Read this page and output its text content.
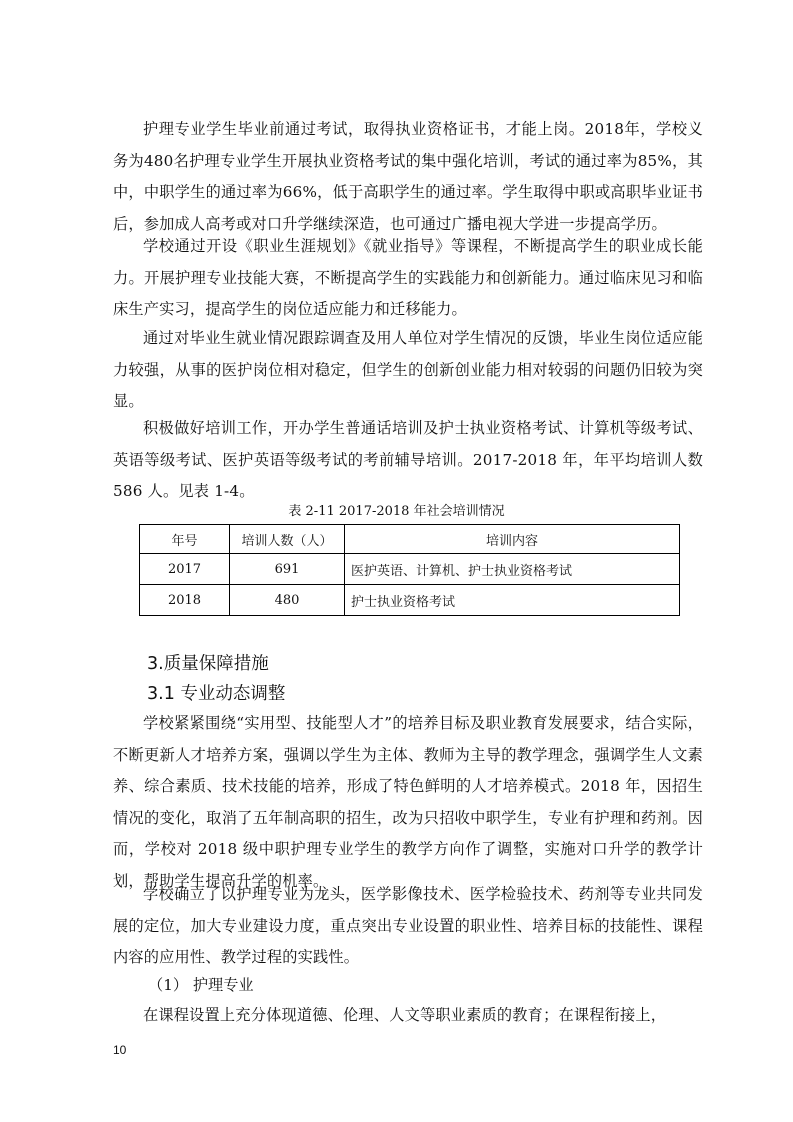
护理专业学生毕业前通过考试，取得执业资格证书，才能上岗。2018年，学校义务为480名护理专业学生开展执业资格考试的集中强化培训，考试的通过率为85%，其中，中职学生的通过率为66%，低于高职学生的通过率。学生取得中职或高职毕业证书后，参加成人高考或对口升学继续深造，也可通过广播电视大学进一步提高学历。

学校通过开设《职业生涯规划》《就业指导》等课程，不断提高学生的职业成长能力。开展护理专业技能大赛，不断提高学生的实践能力和创新能力。通过临床见习和临床生产实习，提高学生的岗位适应能力和迁移能力。

通过对毕业生就业情况跟踪调查及用人单位对学生情况的反馈，毕业生岗位适应能力较强，从事的医护岗位相对稳定，但学生的创新创业能力相对较弱的问题仍旧较为突显。

积极做好培训工作，开办学生普通话培训及护士执业资格考试、计算机等级考试、英语等级考试、医护英语等级考试的考前辅导培训。2017-2018 年，年平均培训人数 586 人。见表 1-4。

表 2-11 2017-2018 年社会培训情况

年号	培训人数（人）	培训内容
2017	691	医护英语、计算机、护士执业资格考试
2018	480	护士执业资格考试
3.质量保障措施
3.1 专业动态调整

学校紧紧围绕“实用型、技能型人才”的培养目标及职业教育发展要求，结合实际，不断更新人才培养方案，强调以学生为主体、教师为主导的教学理念，强调学生人文素养、综合素质、技术技能的培养，形成了特色鲜明的人才培养模式。2018 年，因招生情况的变化，取消了五年制高职的招生，改为只招收中职学生，专业有护理和药剂。因而，学校对 2018 级中职护理专业学生的教学方向作了调整，实施对口升学的教学计划，帮助学生提高升学的机率。

学校确立了以护理专业为龙头，医学影像技术、医学检验技术、药剂等专业共同发展的定位，加大专业建设力度，重点突出专业设置的职业性、培养目标的技能性、课程内容的应用性、教学过程的实践性。

（1） 护理专业

在课程设置上充分体现道德、伦理、人文等职业素质的教育；在课程衔接上，

10
